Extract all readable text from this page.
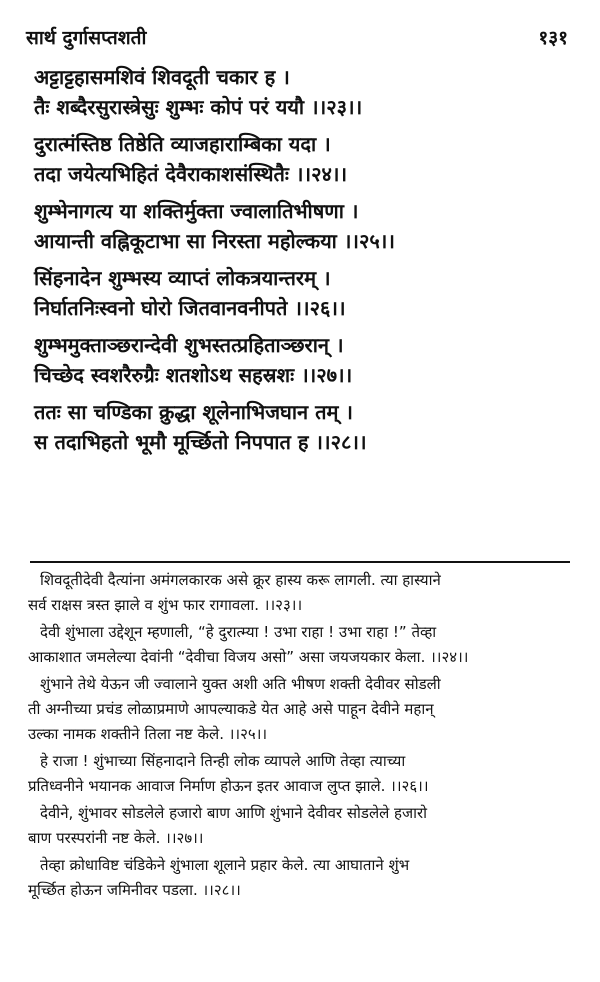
सार्थ दुर्गासप्तशती	१३१
अट्टाट्टहासमशिवं शिवदूती चकार ह ।
तैः शब्दैरसुरास्त्रेसुः शुम्भः कोपं परं ययौ ।।२३।।
दुरात्मंस्तिष्ठ तिष्ठेति व्याजहाराम्बिका यदा ।
तदा जयेत्यभिहितं देवैराकाशसंस्थितैः ।।२४।।
शुम्भेनागत्य या शक्तिर्मुक्ता ज्वालातिभीषणा ।
आयान्ती वह्निकूटाभा सा निरस्ता महोल्कया ।।२५।।
सिंहनादेन शुम्भस्य व्याप्तं लोकत्रयान्तरम् ।
निर्घातनिःस्वनो घोरो जितवानवनीपते ।।२६।।
शुम्भमुक्ताञ्छरान्देवी शुभस्तत्प्रहिताञ्छरान् ।
चिच्छेद स्वशरैरुग्रैः शतशोऽथ सहस्रशः ।।२७।।
ततः सा चण्डिका क्रुद्धा शूलेनाभिजघान तम् ।
स तदाभिहतो भूमौ मूर्च्छितो निपपात ह ।।२८।।
शिवदूतीदेवी दैत्यांना अमंगलकारक असे क्रूर हास्य करू लागली. त्या हास्याने
सर्व राक्षस त्रस्त झाले व शुंभ फार रागावला. ।।२३।।
देवी शुंभाला उद्देशून म्हणाली, “हे दुरात्म्या ! उभा राहा ! उभा राहा !” तेव्हा
आकाशात जमलेल्या देवांनी “देवीचा विजय असो” असा जयजयकार केला. ।।२४।।
शुंभाने तेथे येऊन जी ज्वालाने युक्त अशी अति भीषण शक्ती देवीवर सोडली
ती अग्नीच्या प्रचंड लोळाप्रमाणे आपल्याकडे येत आहे असे पाहून देवीने महान्
उल्का नामक शक्तीने तिला नष्ट केले. ।।२५।।
हे राजा ! शुंभाच्या सिंहनादाने तिन्ही लोक व्यापले आणि तेव्हा त्याच्या
प्रतिध्वनीने भयानक आवाज निर्माण होऊन इतर आवाज लुप्त झाले. ।।२६।।
देवीने, शुंभावर सोडलेले हजारो बाण आणि शुंभाने देवीवर सोडलेले हजारो
बाण परस्परांनी नष्ट केले. ।।२७।।
तेव्हा क्रोधाविष्ट चंडिकेने शुंभाला शूलाने प्रहार केले. त्या आघाताने शुंभ
मूर्च्छित होऊन जमिनीवर पडला. ।।२८।।
